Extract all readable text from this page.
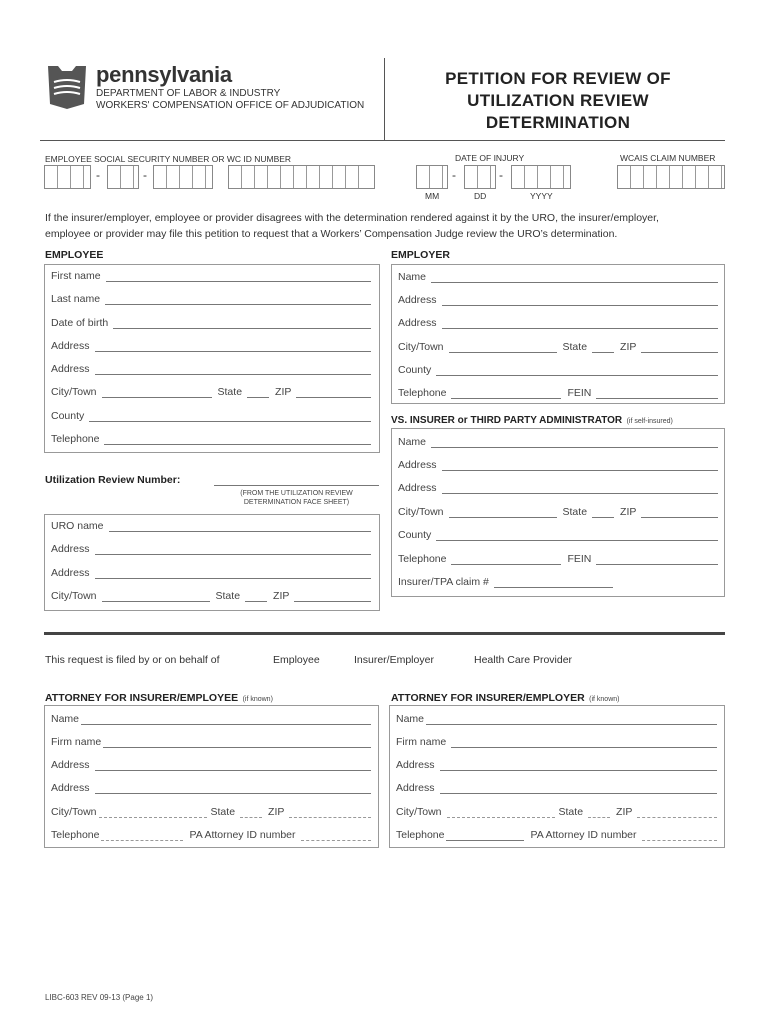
pennsylvania
DEPARTMENT OF LABOR & INDUSTRY
WORKERS' COMPENSATION OFFICE OF ADJUDICATION
PETITION FOR REVIEW OF
UTILIZATION REVIEW
DETERMINATION
EMPLOYEE SOCIAL SECURITY NUMBER OR WC ID NUMBER	DATE OF INJURY	WCAIS CLAIM NUMBER
-	-	-	-
MM	DD	YYYY
If the insurer/employer, employee or provider disagrees with the determination rendered against it by the URO, the insurer/employer,
employee or provider may file this petition to request that a Workers’ Compensation Judge review the URO’s determination.
EMPLOYEE
First name
Last name
Date of birth
Address
Address
City/Town	State	ZIP
County
Telephone
EMPLOYER
Name
Address
Address
City/Town	State	ZIP
County
Telephone	FEIN
VS. INSURER or THIRD PARTY ADMINISTRATOR (if self-insured)
Name
Address
Address
City/Town	State	ZIP
County
Telephone	FEIN
Insurer/TPA claim #
Utilization Review Number:
(FROM THE UTILIZATION REVIEW
DETERMINATION FACE SHEET)
URO name
Address
Address
City/Town	State	ZIP
This request is filed by or on behalf of	Employee	Insurer/Employer	Health Care Provider
ATTORNEY FOR INSURER/EMPLOYEE (if known)
Name
Firm name
Address
Address
City/Town	State	ZIP
Telephone	PA Attorney ID number
ATTORNEY FOR INSURER/EMPLOYER (if known)
Name
Firm name
Address
Address
City/Town	State	ZIP
Telephone	PA Attorney ID number
LIBC-603 REV 09-13 (Page 1)
